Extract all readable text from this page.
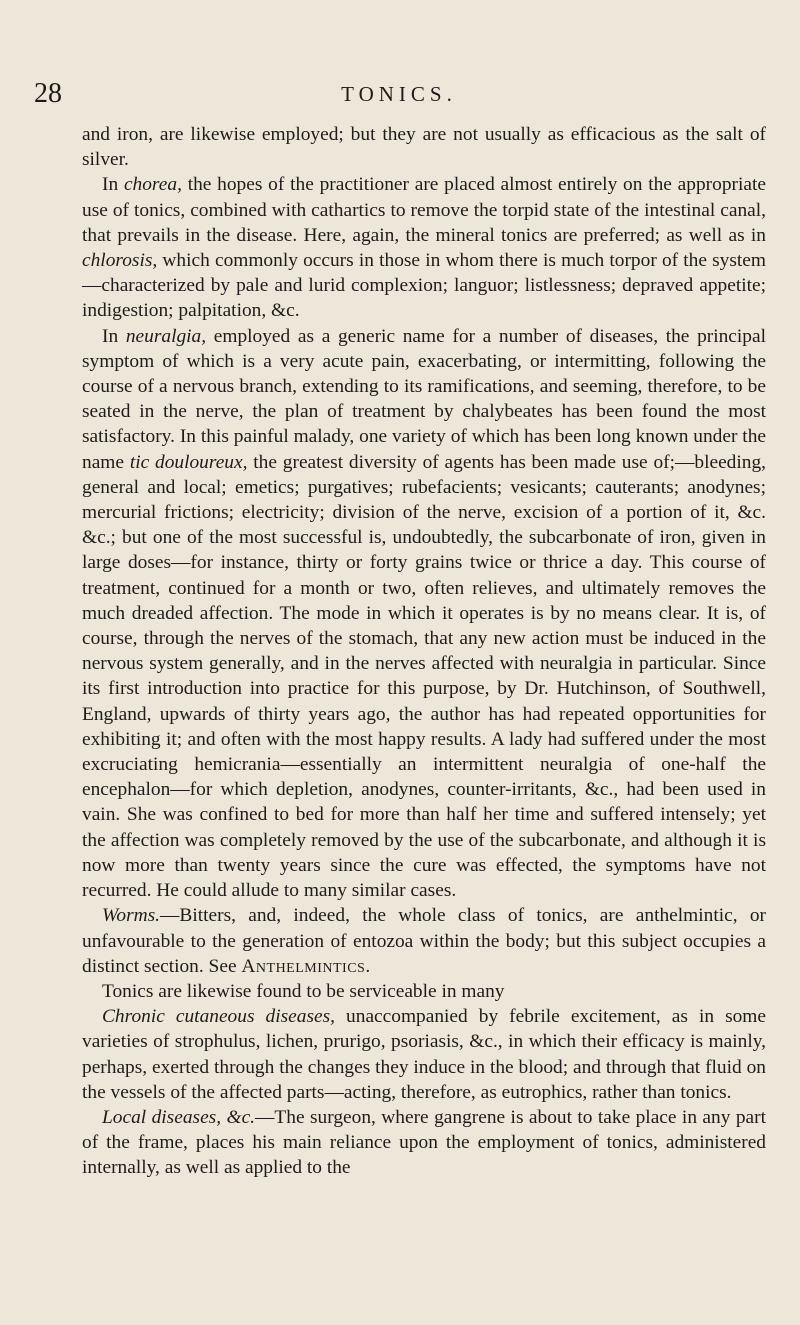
28	TONICS.

and iron, are likewise employed; but they are not usually as efficacious as the salt of silver.

In chorea, the hopes of the practitioner are placed almost entirely on the appropriate use of tonics, combined with cathartics to remove the torpid state of the intestinal canal, that prevails in the disease. Here, again, the mineral tonics are preferred; as well as in chlorosis, which commonly occurs in those in whom there is much torpor of the system—characterized by pale and lurid complexion; languor; listlessness; depraved appetite; indigestion; palpitation, &c.

In neuralgia, employed as a generic name for a number of diseases, the principal symptom of which is a very acute pain, exacerbating, or intermitting, following the course of a nervous branch, extending to its ramifications, and seeming, therefore, to be seated in the nerve, the plan of treatment by chalybeates has been found the most satisfactory. In this painful malady, one variety of which has been long known under the name tic douloureux, the greatest diversity of agents has been made use of;—bleeding, general and local; emetics; purgatives; rubefacients; vesicants; cauterants; anodynes; mercurial frictions; electricity; division of the nerve, excision of a portion of it, &c. &c.; but one of the most successful is, undoubtedly, the subcarbonate of iron, given in large doses—for instance, thirty or forty grains twice or thrice a day. This course of treatment, continued for a month or two, often relieves, and ultimately removes the much dreaded affection. The mode in which it operates is by no means clear. It is, of course, through the nerves of the stomach, that any new action must be induced in the nervous system generally, and in the nerves affected with neuralgia in particular. Since its first introduction into practice for this purpose, by Dr. Hutchinson, of Southwell, England, upwards of thirty years ago, the author has had repeated opportunities for exhibiting it; and often with the most happy results. A lady had suffered under the most excruciating hemicrania—essentially an intermittent neuralgia of one-half the encephalon—for which depletion, anodynes, counter-irritants, &c., had been used in vain. She was confined to bed for more than half her time and suffered intensely; yet the affection was completely removed by the use of the subcarbonate, and although it is now more than twenty years since the cure was effected, the symptoms have not recurred. He could allude to many similar cases.

Worms.—Bitters, and, indeed, the whole class of tonics, are anthelmintic, or unfavourable to the generation of entozoa within the body; but this subject occupies a distinct section. See Anthelmintics.

Tonics are likewise found to be serviceable in many

Chronic cutaneous diseases, unaccompanied by febrile excitement, as in some varieties of strophulus, lichen, prurigo, psoriasis, &c., in which their efficacy is mainly, perhaps, exerted through the changes they induce in the blood; and through that fluid on the vessels of the affected parts—acting, therefore, as eutrophics, rather than tonics.

Local diseases, &c.—The surgeon, where gangrene is about to take place in any part of the frame, places his main reliance upon the employment of tonics, administered internally, as well as applied to the
